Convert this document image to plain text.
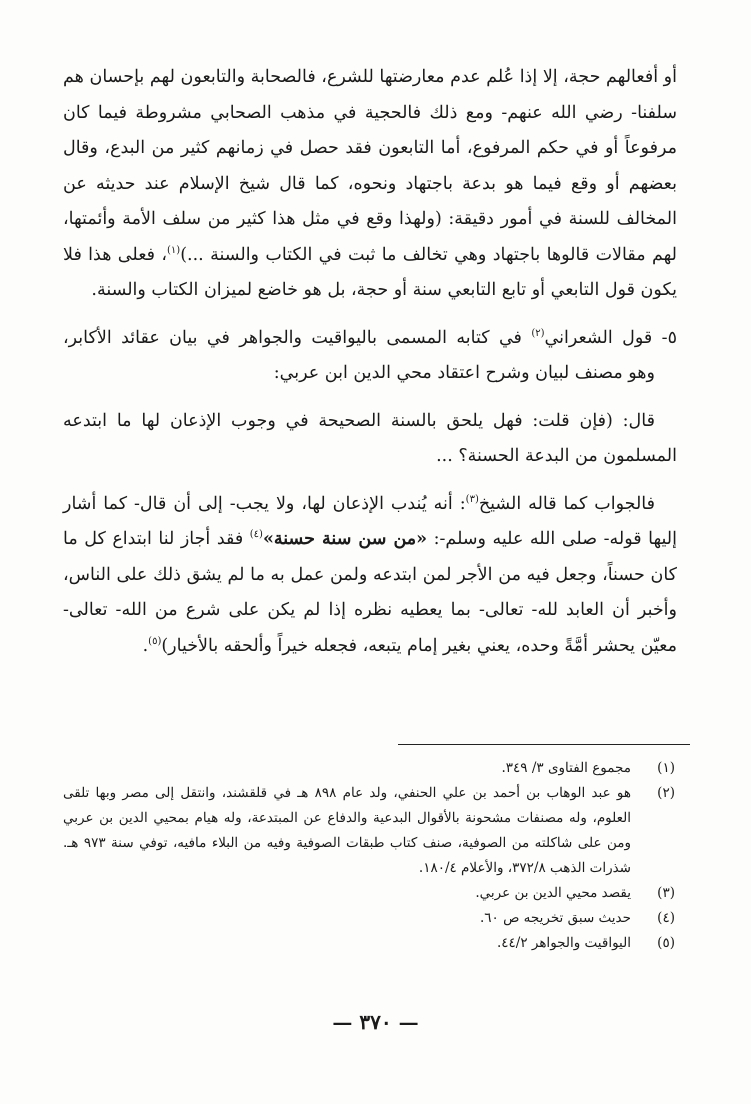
أو أفعالهم حجة، إلا إذا عُلم عدم معارضتها للشرع، فالصحابة والتابعون لهم بإحسان هم سلفنا- رضي الله عنهم- ومع ذلك فالحجية في مذهب الصحابي مشروطة فيما كان مرفوعاً أو في حكم المرفوع، أما التابعون فقد حصل في زمانهم كثير من البدع، وقال بعضهم أو وقع فيما هو بدعة باجتهاد ونحوه، كما قال شيخ الإسلام عند حديثه عن المخالف للسنة في أمور دقيقة: (ولهذا وقع في مثل هذا كثير من سلف الأمة وأئمتها، لهم مقالات قالوها باجتهاد وهي تخالف ما ثبت في الكتاب والسنة ...)$^{(١)}$، فعلى هذا فلا يكون قول التابعي أو تابع التابعي سنة أو حجة، بل هو خاضع لميزان الكتاب والسنة.

٥- قول الشعراني$^{(٢)}$ في كتابه المسمى باليواقيت والجواهر في بيان عقائد الأكابر، وهو مصنف لبيان وشرح اعتقاد محي الدين ابن عربي:

قال: (فإن قلت: فهل يلحق بالسنة الصحيحة في وجوب الإذعان لها ما ابتدعه المسلمون من البدعة الحسنة؟ ...

فالجواب كما قاله الشيخ$^{(٣)}$: أنه يُندب الإذعان لها، ولا يجب- إلى أن قال- كما أشار إليها قوله- صلى الله عليه وسلم-: «من سن سنة حسنة»$^{(٤)}$ فقد أجاز لنا ابتداع كل ما كان حسناً، وجعل فيه من الأجر لمن ابتدعه ولمن عمل به ما لم يشق ذلك على الناس، وأخبر أن العابد لله- تعالى- بما يعطيه نظره إذا لم يكن على شرع من الله- تعالى- معيّن يحشر أمَّةً وحده، يعني بغير إمام يتبعه، فجعله خيراً وألحقه بالأخيار)$^{(٥)}$.

(١)
مجموع الفتاوى ٣/ ٣٤٩.
(٢)
هو عبد الوهاب بن أحمد بن علي الحنفي، ولد عام ٨٩٨ هـ في قلقشند، وانتقل إلى مصر وبها تلقى العلوم، وله مصنفات مشحونة بالأقوال البدعية والدفاع عن المبتدعة، وله هيام بمحيي الدين بن عربي ومن على شاكلته من الصوفية، صنف كتاب طبقات الصوفية وفيه من البلاء مافيه، توفي سنة ٩٧٣ هـ. شذرات الذهب ٣٧٢/٨، والأعلام ١٨٠/٤.
(٣)
يقصد محيي الدين بن عربي.
(٤)
حديث سبق تخريجه ص ٦٠.
(٥)
اليواقيت والجواهر ٤٤/٢.
— ٣٧٠ —
